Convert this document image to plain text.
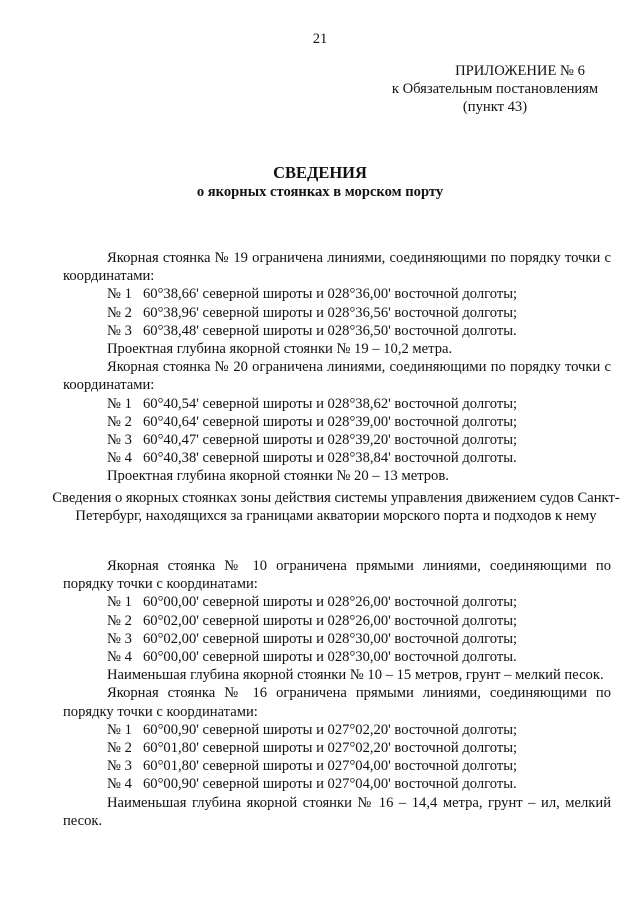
21
ПРИЛОЖЕНИЕ № 6
к Обязательным постановлениям
(пункт 43)
СВЕДЕНИЯ
о якорных стоянках в морском порту
Якорная стоянка № 19 ограничена линиями, соединяющими по порядку точки с координатами:
№ 1 60°38,66' северной широты и 028°36,00' восточной долготы;
№ 2 60°38,96' северной широты и 028°36,56' восточной долготы;
№ 3 60°38,48' северной широты и 028°36,50' восточной долготы.
Проектная глубина якорной стоянки № 19 – 10,2 метра.
Якорная стоянка № 20 ограничена линиями, соединяющими по порядку точки с координатами:
№ 1 60°40,54' северной широты и 028°38,62' восточной долготы;
№ 2 60°40,64' северной широты и 028°39,00' восточной долготы;
№ 3 60°40,47' северной широты и 028°39,20' восточной долготы;
№ 4 60°40,38' северной широты и 028°38,84' восточной долготы.
Проектная глубина якорной стоянки № 20 – 13 метров.
Сведения о якорных стоянках зоны действия системы управления движением судов Санкт-Петербург, находящихся за границами акватории морского порта и подходов к нему
Якорная стоянка № 10 ограничена прямыми линиями, соединяющими по порядку точки с координатами:
№ 1 60°00,00' северной широты и 028°26,00' восточной долготы;
№ 2 60°02,00' северной широты и 028°26,00' восточной долготы;
№ 3 60°02,00' северной широты и 028°30,00' восточной долготы;
№ 4 60°00,00' северной широты и 028°30,00' восточной долготы.
Наименьшая глубина якорной стоянки № 10 – 15 метров, грунт – мелкий песок.
Якорная стоянка № 16 ограничена прямыми линиями, соединяющими по порядку точки с координатами:
№ 1 60°00,90' северной широты и 027°02,20' восточной долготы;
№ 2 60°01,80' северной широты и 027°02,20' восточной долготы;
№ 3 60°01,80' северной широты и 027°04,00' восточной долготы;
№ 4 60°00,90' северной широты и 027°04,00' восточной долготы.
Наименьшая глубина якорной стоянки № 16 – 14,4 метра, грунт – ил, мелкий песок.
